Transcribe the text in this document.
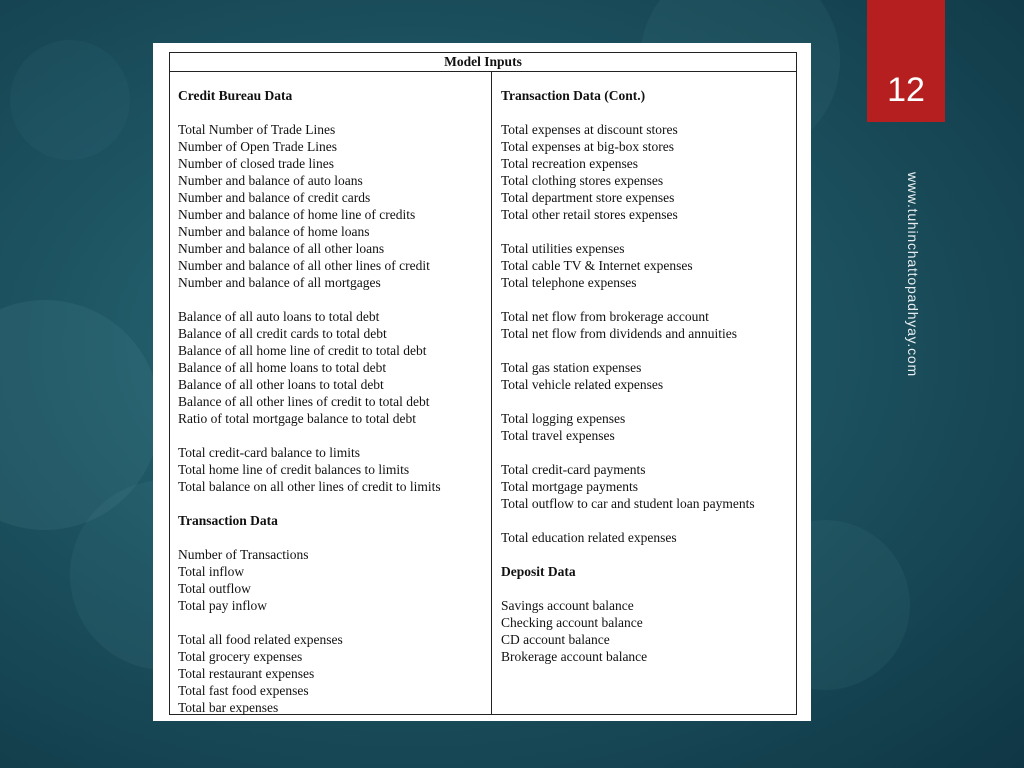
12
www.tuhinchattopadhyay.com
Model Inputs
Credit Bureau Data
Total Number of Trade Lines
Number of Open Trade Lines
Number of closed trade lines
Number and balance of auto loans
Number and balance of credit cards
Number and balance of home line of credits
Number and balance of home loans
Number and balance of all other loans
Number and balance of all other lines of credit
Number and balance of all mortgages
Balance of all auto loans to total debt
Balance of all credit cards to total debt
Balance of all home line of credit to total debt
Balance of all home loans to total debt
Balance of all other loans to total debt
Balance of all other lines of credit to total debt
Ratio of total mortgage balance to total debt
Total credit-card balance to limits
Total home line of credit balances to limits
Total balance on all other lines of credit to limits
Transaction Data
Number of Transactions
Total inflow
Total outflow
Total pay inflow
Total all food related expenses
Total grocery expenses
Total restaurant expenses
Total fast food expenses
Total bar expenses
Transaction Data (Cont.)
Total expenses at discount stores
Total expenses at big-box stores
Total recreation expenses
Total clothing stores expenses
Total department store expenses
Total other retail stores expenses
Total utilities expenses
Total cable TV & Internet expenses
Total telephone expenses
Total net flow from brokerage account
Total net flow from dividends and annuities
Total gas station expenses
Total vehicle related expenses
Total logging expenses
Total travel expenses
Total credit-card payments
Total mortgage payments
Total outflow to car and student loan payments
Total education related expenses
Deposit Data
Savings account balance
Checking account balance
CD account balance
Brokerage account balance
